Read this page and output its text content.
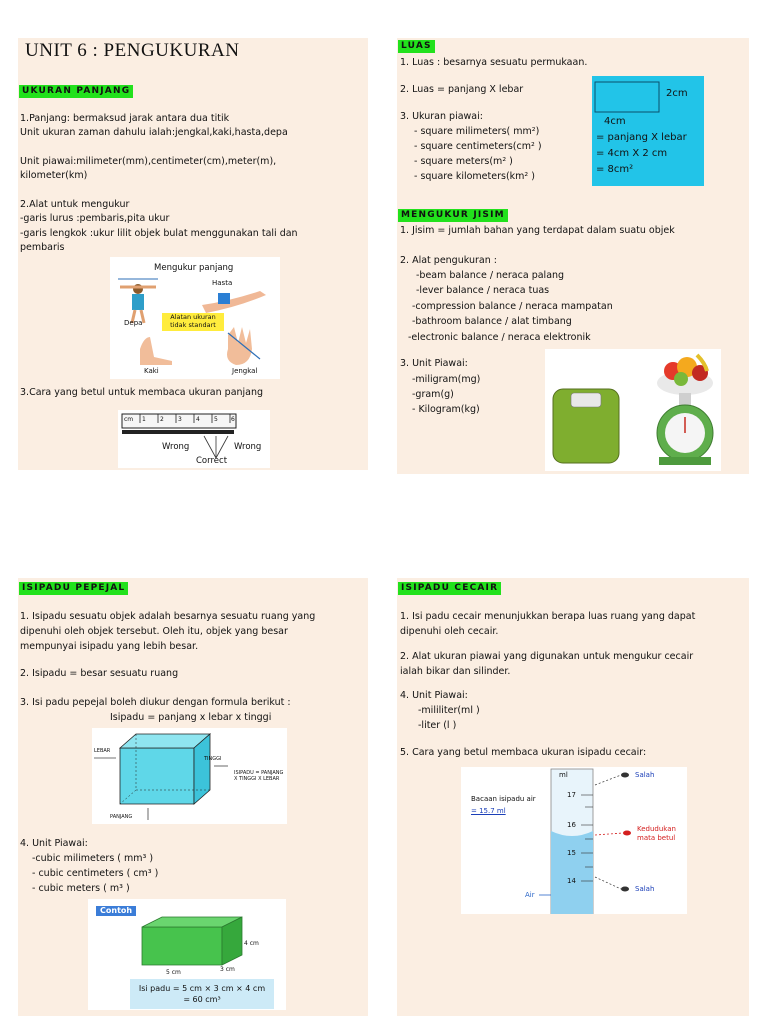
UNIT 6 : PENGUKURAN
UKURAN PANJANG
1.Panjang: bermaksud jarak antara dua titik
Unit ukuran zaman dahulu ialah:jengkal,kaki,hasta,depa
Unit piawai:milimeter(mm),centimeter(cm),meter(m),
kilometer(km)
2.Alat untuk mengukur
-garis lurus :pembaris,pita ukur
-garis lengkok :ukur lilit objek bulat menggunakan tali dan
pembaris
Mengukur panjang
Hasta
Depa
Alatan ukuran tidak standart
Kaki	Jengkal
3.Cara yang betul untuk membaca ukuran panjang
cm 1 2 3 4 5 6
Wrong	Wrong
Correct
LUAS
1. Luas : besarnya sesuatu permukaan.
2. Luas = panjang X lebar
3. Ukuran piawai:
- square milimeters( mm²)
- square centimeters(cm² )
- square meters(m² )
- square kilometers(km² )
2cm
4cm
= panjang X lebar
= 4cm X 2 cm
= 8cm²
MENGUKUR JISIM
1. Jisim = jumlah bahan yang terdapat dalam suatu objek
2. Alat pengukuran :
-beam balance / neraca palang
-lever balance / neraca tuas
-compression balance / neraca mampatan
-bathroom balance / alat timbang
-electronic balance / neraca elektronik
3. Unit Piawai:
-miligram(mg)
-gram(g)
- Kilogram(kg)
ISIPADU PEPEJAL
1. Isipadu sesuatu objek adalah besarnya sesuatu ruang yang
dipenuhi oleh objek tersebut. Oleh itu, objek yang besar
mempunyai isipadu yang lebih besar.
2. Isipadu = besar sesuatu ruang
3. Isi padu pepejal boleh diukur dengan formula berikut :
Isipadu = panjang x lebar x tinggi
LEBAR
TINGGI
PANJANG
ISIPADU = PANJANG X TINGGI X LEBAR
4. Unit Piawai:
-cubic milimeters ( mm³ )
- cubic centimeters ( cm³ )
- cubic meters ( m³ )
Contoh
4 cm
5 cm	3 cm
Isi padu = 5 cm × 3 cm × 4 cm
= 60 cm³
ISIPADU CECAIR
1. Isi padu cecair menunjukkan berapa luas ruang yang dapat
dipenuhi oleh cecair.
2. Alat ukuran piawai yang digunakan untuk mengukur cecair
ialah bikar dan silinder.
4. Unit Piawai:
-mililiter(ml )
-liter (l )
5. Cara yang betul membaca ukuran isipadu cecair:
ml
17
16
15
14
Bacaan isipadu air
= 15.7 ml
Salah
Kedudukan
mata betul
Salah
Air
